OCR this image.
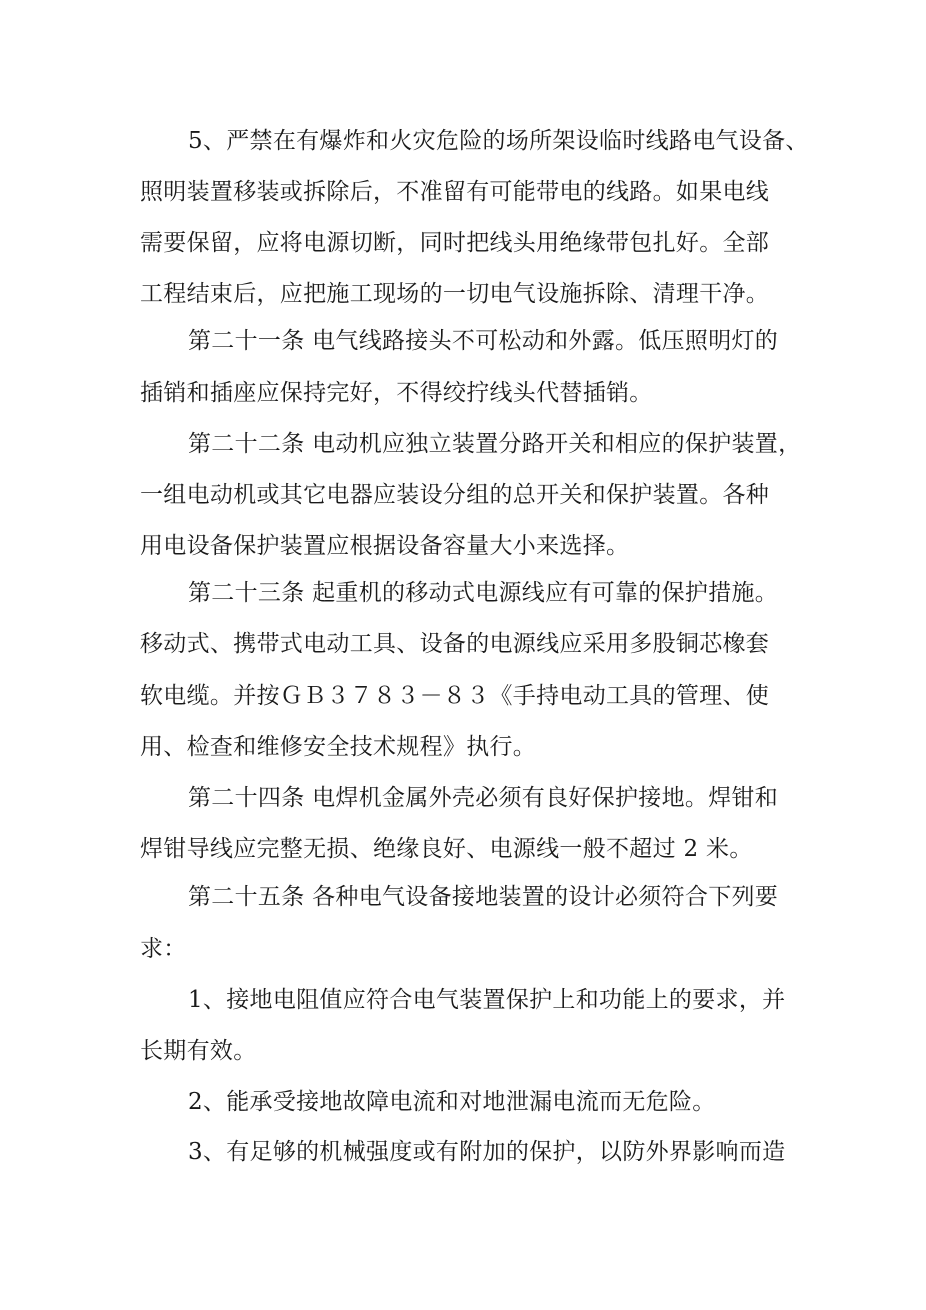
5、严禁在有爆炸和火灾危险的场所架设临时线路电气设备、
照明装置移装或拆除后，不准留有可能带电的线路。如果电线
需要保留，应将电源切断，同时把线头用绝缘带包扎好。全部
工程结束后，应把施工现场的一切电气设施拆除、清理干净。
第二十一条 电气线路接头不可松动和外露。低压照明灯的
插销和插座应保持完好，不得绞拧线头代替插销。
第二十二条 电动机应独立装置分路开关和相应的保护装置，
一组电动机或其它电器应装设分组的总开关和保护装置。各种
用电设备保护装置应根据设备容量大小来选择。
第二十三条 起重机的移动式电源线应有可靠的保护措施。
移动式、携带式电动工具、设备的电源线应采用多股铜芯橡套
软电缆。并按ＧＢ３７８３－８３《手持电动工具的管理、使
用、检查和维修安全技术规程》执行。
第二十四条 电焊机金属外壳必须有良好保护接地。焊钳和
焊钳导线应完整无损、绝缘良好、电源线一般不超过 2 米。
第二十五条 各种电气设备接地装置的设计必须符合下列要
求：
1、接地电阻值应符合电气装置保护上和功能上的要求，并
长期有效。
2、能承受接地故障电流和对地泄漏电流而无危险。
3、有足够的机械强度或有附加的保护，以防外界影响而造
